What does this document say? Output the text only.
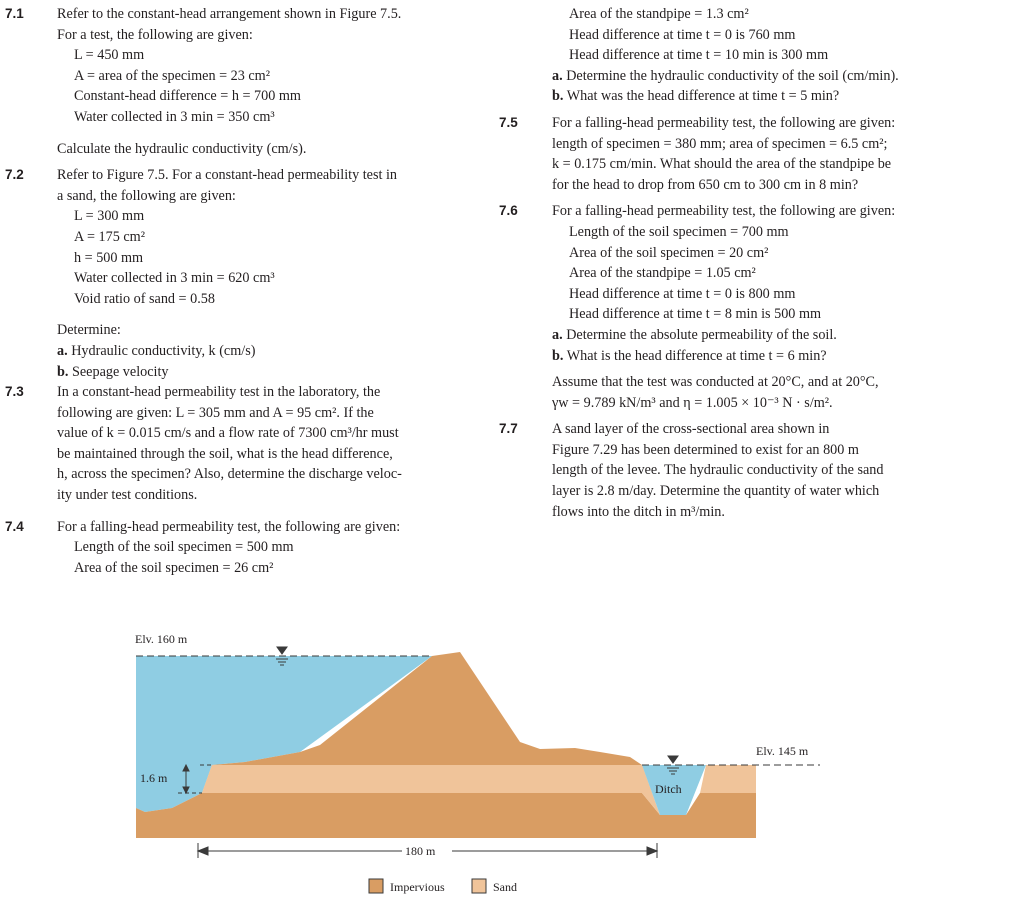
7.1 Refer to the constant-head arrangement shown in Figure 7.5.
For a test, the following are given:
L = 450 mm
A = area of the specimen = 23 cm²
Constant-head difference = h = 700 mm
Water collected in 3 min = 350 cm³
Calculate the hydraulic conductivity (cm/s).
7.2 Refer to Figure 7.5. For a constant-head permeability test in
a sand, the following are given:
L = 300 mm
A = 175 cm²
h = 500 mm
Water collected in 3 min = 620 cm³
Void ratio of sand = 0.58
Determine:
a. Hydraulic conductivity, k (cm/s)
b. Seepage velocity
7.3 In a constant-head permeability test in the laboratory, the
following are given: L = 305 mm and A = 95 cm². If the
value of k = 0.015 cm/s and a flow rate of 7300 cm³/hr must
be maintained through the soil, what is the head difference,
h, across the specimen? Also, determine the discharge veloc-
ity under test conditions.
7.4 For a falling-head permeability test, the following are given:
Length of the soil specimen = 500 mm
Area of the soil specimen = 26 cm²
Area of the standpipe = 1.3 cm²
Head difference at time t = 0 is 760 mm
Head difference at time t = 10 min is 300 mm
a. Determine the hydraulic conductivity of the soil (cm/min).
b. What was the head difference at time t = 5 min?
7.5 For a falling-head permeability test, the following are given:
length of specimen = 380 mm; area of specimen = 6.5 cm²;
k = 0.175 cm/min. What should the area of the standpipe be
for the head to drop from 650 cm to 300 cm in 8 min?
7.6 For a falling-head permeability test, the following are given:
Length of the soil specimen = 700 mm
Area of the soil specimen = 20 cm²
Area of the standpipe = 1.05 cm²
Head difference at time t = 0 is 800 mm
Head difference at time t = 8 min is 500 mm
a. Determine the absolute permeability of the soil.
b. What is the head difference at time t = 6 min?
Assume that the test was conducted at 20°C, and at 20°C,
γw = 9.789 kN/m³ and η = 1.005 × 10⁻³ N · s/m².
7.7 A sand layer of the cross-sectional area shown in
Figure 7.29 has been determined to exist for an 800 m
length of the levee. The hydraulic conductivity of the sand
layer is 2.8 m/day. Determine the quantity of water which
flows into the ditch in m³/min.
Elv. 160 m
Elv. 145 m
1.6 m
Ditch
180 m
Impervious	Sand
